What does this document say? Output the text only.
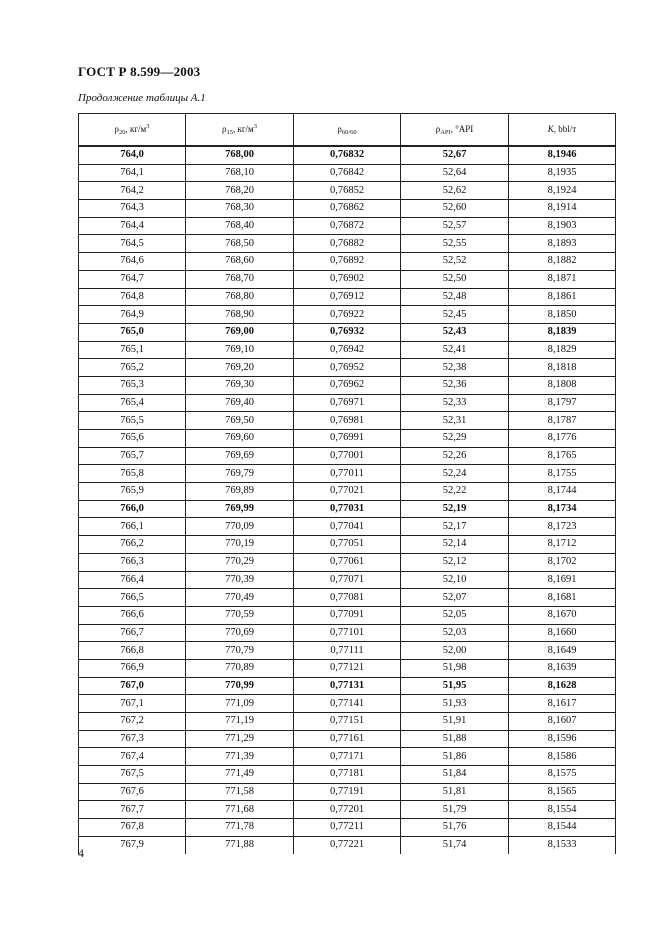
ГОСТ Р 8.599—2003
Продолжение таблицы А.1
$\rho_{20}$, $кг/м^3$	$\rho_{15}$, $кг/м^3$	$\rho_{60/60}$	$\rho_{API}$, °API	K, bbl/т
764,0	768,00	0,76832	52,67	8,1946
764,1	768,10	0,76842	52,64	8,1935
764,2	768,20	0,76852	52,62	8,1924
764,3	768,30	0,76862	52,60	8,1914
764,4	768,40	0,76872	52,57	8,1903
764,5	768,50	0,76882	52,55	8,1893
764,6	768,60	0,76892	52,52	8,1882
764,7	768,70	0,76902	52,50	8,1871
764,8	768,80	0,76912	52,48	8,1861
764,9	768,90	0,76922	52,45	8,1850
765,0	769,00	0,76932	52,43	8,1839
765,1	769,10	0,76942	52,41	8,1829
765,2	769,20	0,76952	52,38	8,1818
765,3	769,30	0,76962	52,36	8,1808
765,4	769,40	0,76971	52,33	8,1797
765,5	769,50	0,76981	52,31	8,1787
765,6	769,60	0,76991	52,29	8,1776
765,7	769,69	0,77001	52,26	8,1765
765,8	769,79	0,77011	52,24	8,1755
765,9	769,89	0,77021	52,22	8,1744
766,0	769,99	0,77031	52,19	8,1734
766,1	770,09	0,77041	52,17	8,1723
766,2	770,19	0,77051	52,14	8,1712
766,3	770,29	0,77061	52,12	8,1702
766,4	770,39	0,77071	52,10	8,1691
766,5	770,49	0,77081	52,07	8,1681
766,6	770,59	0,77091	52,05	8,1670
766,7	770,69	0,77101	52,03	8,1660
766,8	770,79	0,77111	52,00	8,1649
766,9	770,89	0,77121	51,98	8,1639
767,0	770,99	0,77131	51,95	8,1628
767,1	771,09	0,77141	51,93	8,1617
767,2	771,19	0,77151	51,91	8,1607
767,3	771,29	0,77161	51,88	8,1596
767,4	771,39	0,77171	51,86	8,1586
767,5	771,49	0,77181	51,84	8,1575
767,6	771,58	0,77191	51,81	8,1565
767,7	771,68	0,77201	51,79	8,1554
767,8	771,78	0,77211	51,76	8,1544
767,9	771,88	0,77221	51,74	8,1533
4
